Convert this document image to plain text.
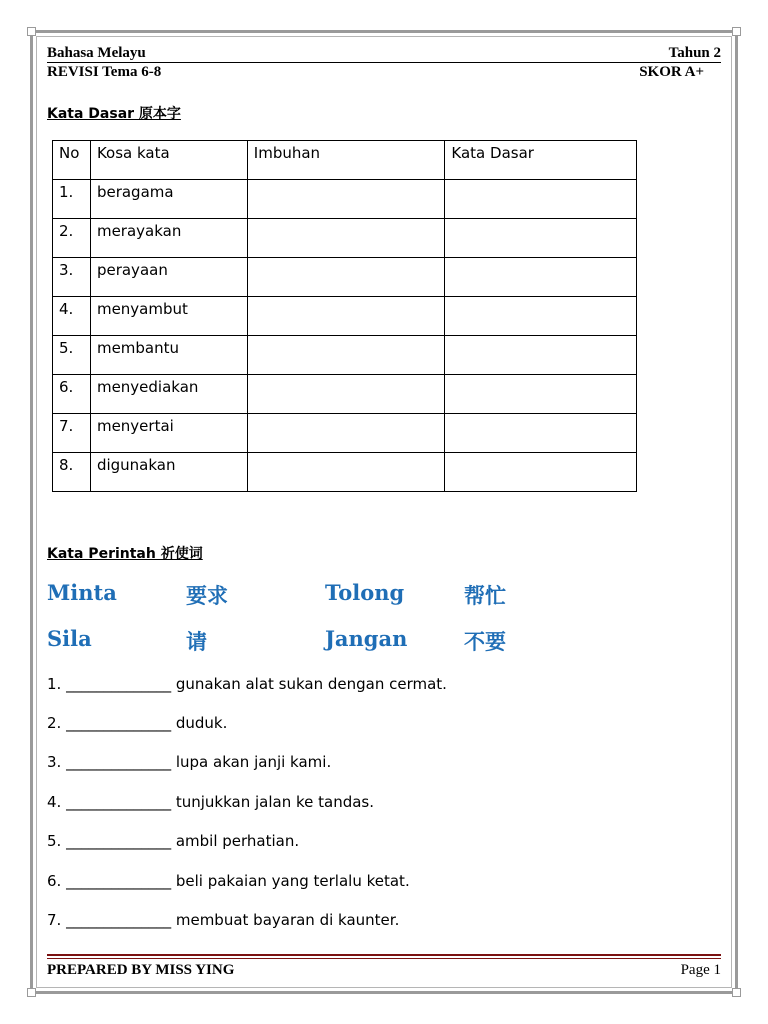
Bahasa Melayu	Tahun 2
REVISI Tema 6-8	SKOR A+
Kata Dasar 原本字
No	Kosa kata	Imbuhan	Kata Dasar
1.	beragama		
2.	merayakan		
3.	perayaan		
4.	menyambut		
5.	membantu		
6.	menyediakan		
7.	menyertai		
8.	digunakan		
Kata Perintah 祈使词
Minta	要求	Tolong	帮忙
Sila	请	Jangan	不要
1. ______________ gunakan alat sukan dengan cermat.
2. ______________ duduk.
3. ______________ lupa akan janji kami.
4. ______________ tunjukkan jalan ke tandas.
5. ______________ ambil perhatian.
6. ______________ beli pakaian yang terlalu ketat.
7. ______________ membuat bayaran di kaunter.
PREPARED BY MISS YING	Page 1
